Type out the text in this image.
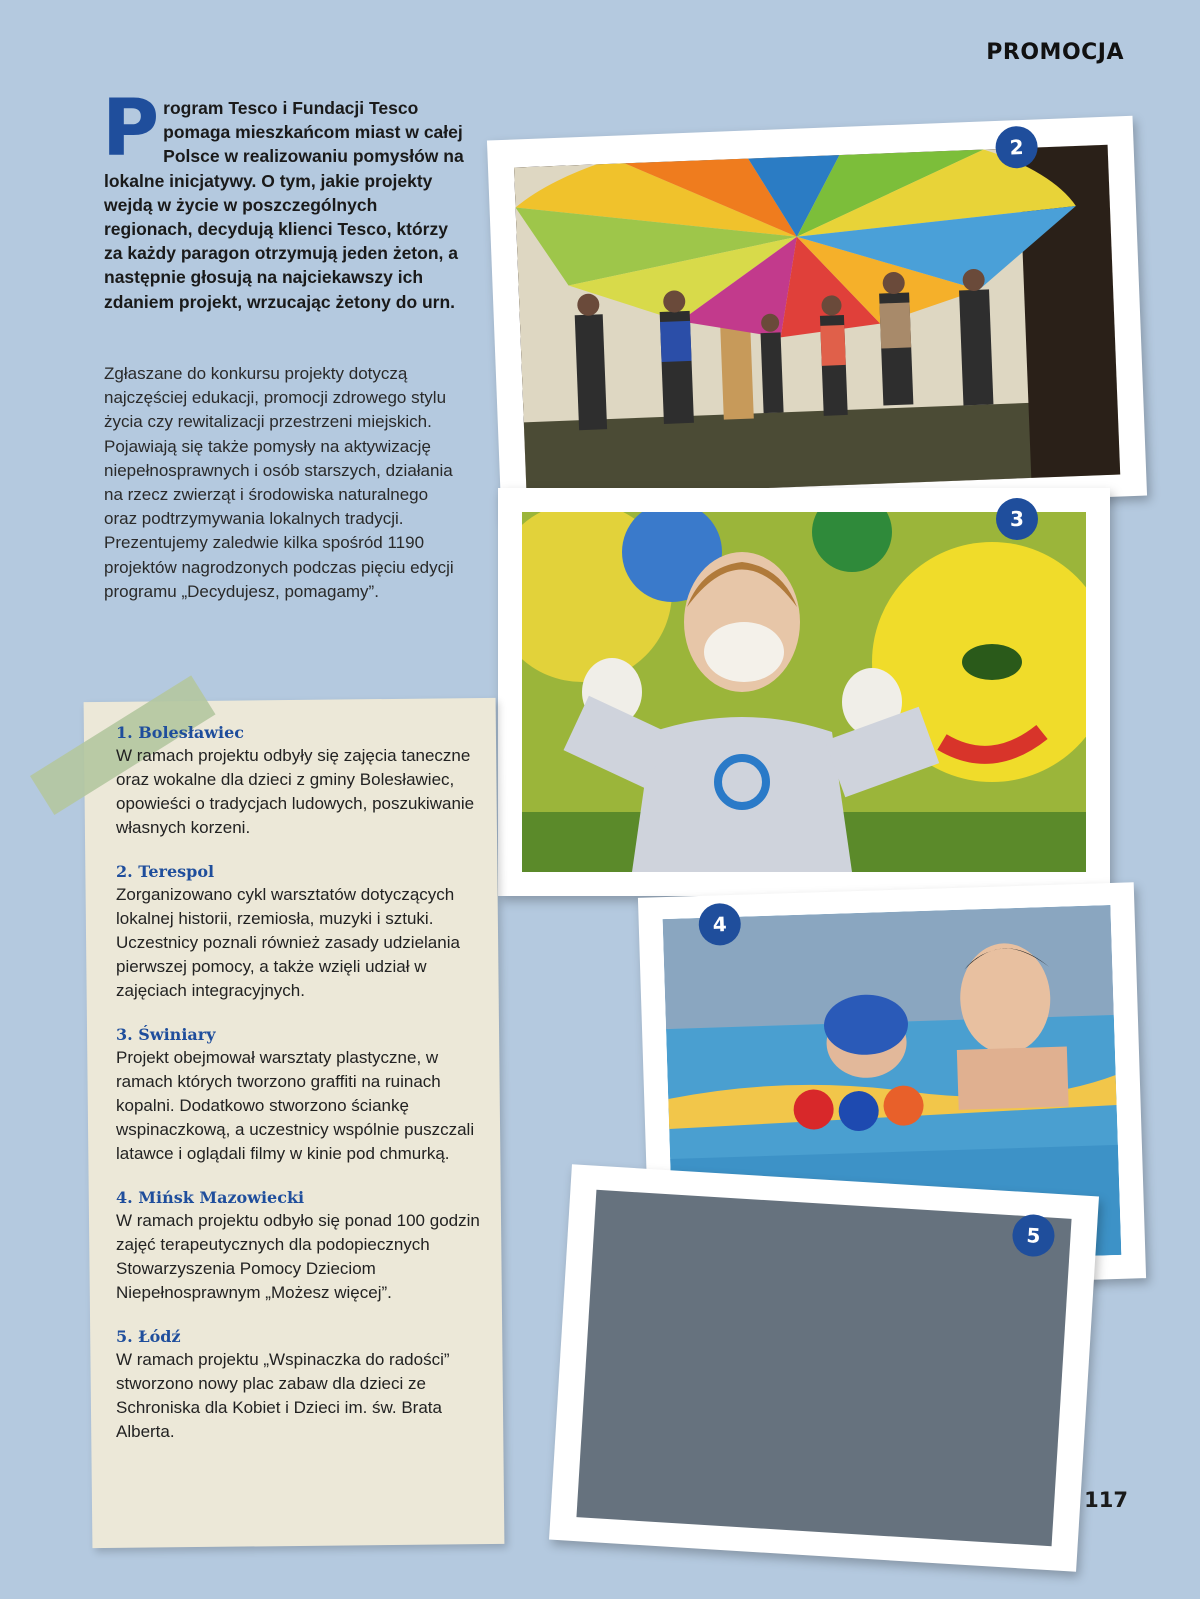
PROMOCJA
P rogram Tesco i Fundacji Tesco pomaga mieszkańcom miast w całej Polsce w realizowaniu pomysłów na lokalne inicjatywy. O tym, jakie projekty wejdą w życie w poszczególnych regionach, decydują klienci Tesco, którzy za każdy paragon otrzymują jeden żeton, a następnie głosują na najciekawszy ich zdaniem projekt, wrzucając żetony do urn.
Zgłaszane do konkursu projekty dotyczą najczęściej edukacji, promocji zdrowego stylu życia czy rewitalizacji przestrzeni miejskich. Pojawiają się także pomysły na aktywizację niepełnosprawnych i osób starszych, działania na rzecz zwierząt i środowiska naturalnego oraz podtrzymywania lokalnych tradycji. Prezentujemy zaledwie kilka spośród 1190 projektów nagrodzonych podczas pięciu edycji programu „Decydujesz, pomagamy”.
2
3
4
5
1. Bolesławiec
W ramach projektu odbyły się zajęcia taneczne oraz wokalne dla dzieci z gminy Bolesławiec, opowieści o tradycjach ludowych, poszukiwanie własnych korzeni.
2. Terespol
Zorganizowano cykl warsztatów dotyczących lokalnej historii, rzemiosła, muzyki i sztuki. Uczestnicy poznali również zasady udzielania pierwszej pomocy, a także wzięli udział w zajęciach integracyjnych.
3. Świniary
Projekt obejmował warsztaty plastyczne, w ramach których tworzono graffiti na ruinach kopalni. Dodatkowo stworzono ściankę wspinaczkową, a uczestnicy wspólnie puszczali latawce i oglądali filmy w kinie pod chmurką.
4. Mińsk Mazowiecki
W ramach projektu odbyło się ponad 100 godzin zajęć terapeutycznych dla podopiecznych Stowarzyszenia Pomocy Dzieciom Niepełnosprawnym „Możesz więcej”.
5. Łódź
W ramach projektu „Wspinaczka do radości” stworzono nowy plac zabaw dla dzieci ze Schroniska dla Kobiet i Dzieci im. św. Brata Alberta.
117
